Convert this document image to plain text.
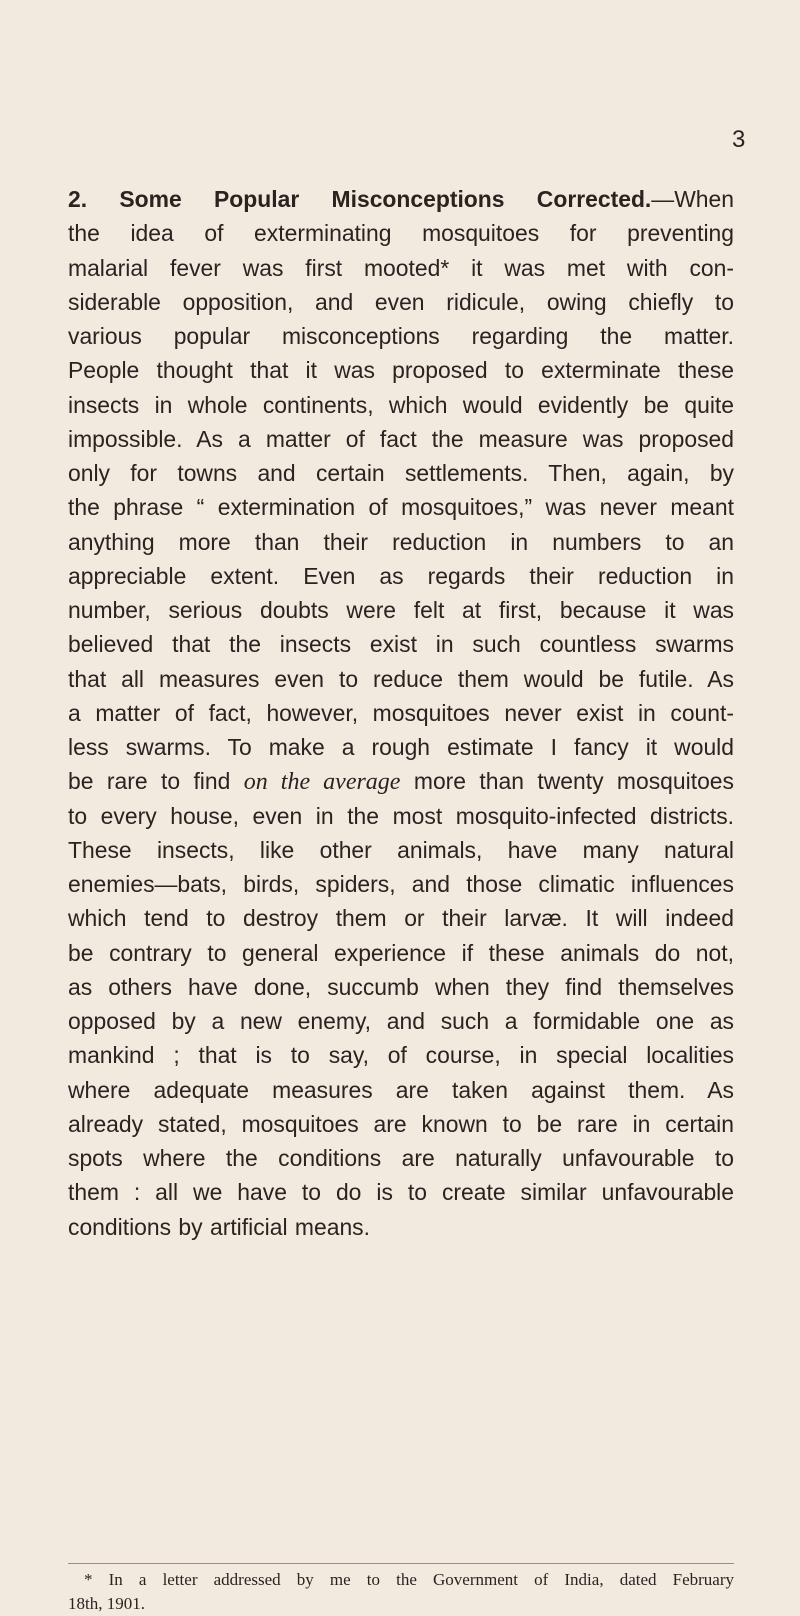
3
2. Some Popular Misconceptions Corrected.—When
the idea of exterminating mosquitoes for preventing
malarial fever was first mooted* it was met with con-
siderable opposition, and even ridicule, owing chiefly to
various popular misconceptions regarding the matter.
People thought that it was proposed to exterminate these
insects in whole continents, which would evidently be quite
impossible. As a matter of fact the measure was proposed
only for towns and certain settlements. Then, again, by
the phrase “ extermination of mosquitoes,” was never meant
anything more than their reduction in numbers to an
appreciable extent. Even as regards their reduction in
number, serious doubts were felt at first, because it was
believed that the insects exist in such countless swarms
that all measures even to reduce them would be futile. As
a matter of fact, however, mosquitoes never exist in count-
less swarms. To make a rough estimate I fancy it would
be rare to find on the average more than twenty mosquitoes
to every house, even in the most mosquito-infected districts.
These insects, like other animals, have many natural
enemies—bats, birds, spiders, and those climatic influences
which tend to destroy them or their larvæ. It will indeed
be contrary to general experience if these animals do not,
as others have done, succumb when they find themselves
opposed by a new enemy, and such a formidable one as
mankind ; that is to say, of course, in special localities
where adequate measures are taken against them. As
already stated, mosquitoes are known to be rare in certain
spots where the conditions are naturally unfavourable to
them : all we have to do is to create similar unfavourable
conditions by artificial means.
* In a letter addressed by me to the Government of India, dated February
18th, 1901.
